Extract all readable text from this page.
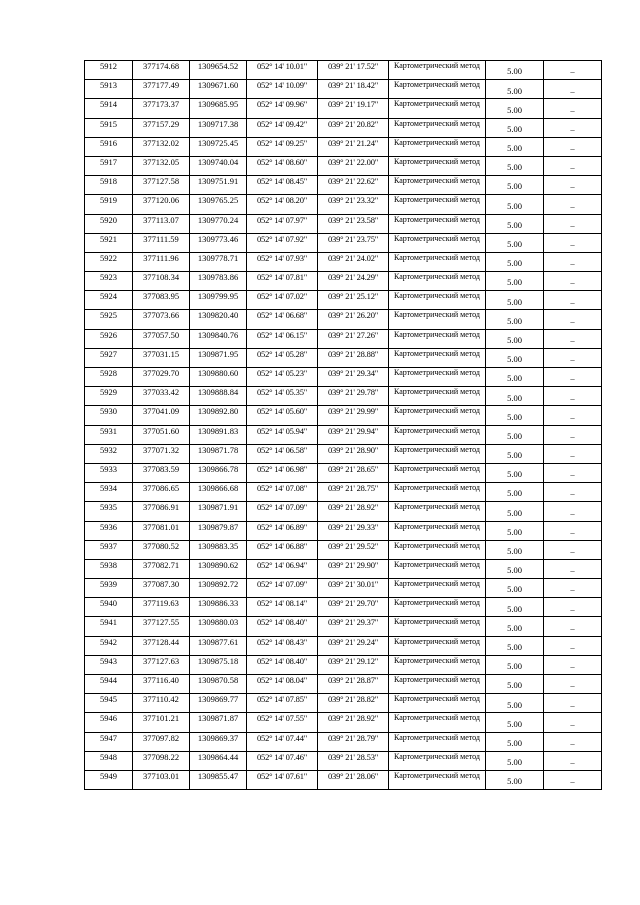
5912	377174.68	1309654.52	052° 14' 10.01"	039° 21' 17.52"	Картометрический метод	5.00	–
5913	377177.49	1309671.60	052° 14' 10.09"	039° 21' 18.42"	Картометрический метод	5.00	–
5914	377173.37	1309685.95	052° 14' 09.96"	039° 21' 19.17"	Картометрический метод	5.00	–
5915	377157.29	1309717.38	052° 14' 09.42"	039° 21' 20.82"	Картометрический метод	5.00	–
5916	377132.02	1309725.45	052° 14' 09.25"	039° 21' 21.24"	Картометрический метод	5.00	–
5917	377132.05	1309740.04	052° 14' 08.60"	039° 21' 22.00"	Картометрический метод	5.00	–
5918	377127.58	1309751.91	052° 14' 08.45"	039° 21' 22.62"	Картометрический метод	5.00	–
5919	377120.06	1309765.25	052° 14' 08.20"	039° 21' 23.32"	Картометрический метод	5.00	–
5920	377113.07	1309770.24	052° 14' 07.97"	039° 21' 23.58"	Картометрический метод	5.00	–
5921	377111.59	1309773.46	052° 14' 07.92"	039° 21' 23.75"	Картометрический метод	5.00	–
5922	377111.96	1309778.71	052° 14' 07.93"	039° 21' 24.02"	Картометрический метод	5.00	–
5923	377108.34	1309783.86	052° 14' 07.81"	039° 21' 24.29"	Картометрический метод	5.00	–
5924	377083.95	1309799.95	052° 14' 07.02"	039° 21' 25.12"	Картометрический метод	5.00	–
5925	377073.66	1309820.40	052° 14' 06.68"	039° 21' 26.20"	Картометрический метод	5.00	–
5926	377057.50	1309840.76	052° 14' 06.15"	039° 21' 27.26"	Картометрический метод	5.00	–
5927	377031.15	1309871.95	052° 14' 05.28"	039° 21' 28.88"	Картометрический метод	5.00	–
5928	377029.70	1309880.60	052° 14' 05.23"	039° 21' 29.34"	Картометрический метод	5.00	–
5929	377033.42	1309888.84	052° 14' 05.35"	039° 21' 29.78"	Картометрический метод	5.00	–
5930	377041.09	1309892.80	052° 14' 05.60"	039° 21' 29.99"	Картометрический метод	5.00	–
5931	377051.60	1309891.83	052° 14' 05.94"	039° 21' 29.94"	Картометрический метод	5.00	–
5932	377071.32	1309871.78	052° 14' 06.58"	039° 21' 28.90"	Картометрический метод	5.00	–
5933	377083.59	1309866.78	052° 14' 06.98"	039° 21' 28.65"	Картометрический метод	5.00	–
5934	377086.65	1309866.68	052° 14' 07.08"	039° 21' 28.75"	Картометрический метод	5.00	–
5935	377086.91	1309871.91	052° 14' 07.09"	039° 21' 28.92"	Картометрический метод	5.00	–
5936	377081.01	1309879.87	052° 14' 06.89"	039° 21' 29.33"	Картометрический метод	5.00	–
5937	377080.52	1309883.35	052° 14' 06.88"	039° 21' 29.52"	Картометрический метод	5.00	–
5938	377082.71	1309890.62	052° 14' 06.94"	039° 21' 29.90"	Картометрический метод	5.00	–
5939	377087.30	1309892.72	052° 14' 07.09"	039° 21' 30.01"	Картометрический метод	5.00	–
5940	377119.63	1309886.33	052° 14' 08.14"	039° 21' 29.70"	Картометрический метод	5.00	–
5941	377127.55	1309880.03	052° 14' 08.40"	039° 21' 29.37"	Картометрический метод	5.00	–
5942	377128.44	1309877.61	052° 14' 08.43"	039° 21' 29.24"	Картометрический метод	5.00	–
5943	377127.63	1309875.18	052° 14' 08.40"	039° 21' 29.12"	Картометрический метод	5.00	–
5944	377116.40	1309870.58	052° 14' 08.04"	039° 21' 28.87"	Картометрический метод	5.00	–
5945	377110.42	1309869.77	052° 14' 07.85"	039° 21' 28.82"	Картометрический метод	5.00	–
5946	377101.21	1309871.87	052° 14' 07.55"	039° 21' 28.92"	Картометрический метод	5.00	–
5947	377097.82	1309869.37	052° 14' 07.44"	039° 21' 28.79"	Картометрический метод	5.00	–
5948	377098.22	1309864.44	052° 14' 07.46"	039° 21' 28.53"	Картометрический метод	5.00	–
5949	377103.01	1309855.47	052° 14' 07.61"	039° 21' 28.06"	Картометрический метод	5.00	–
